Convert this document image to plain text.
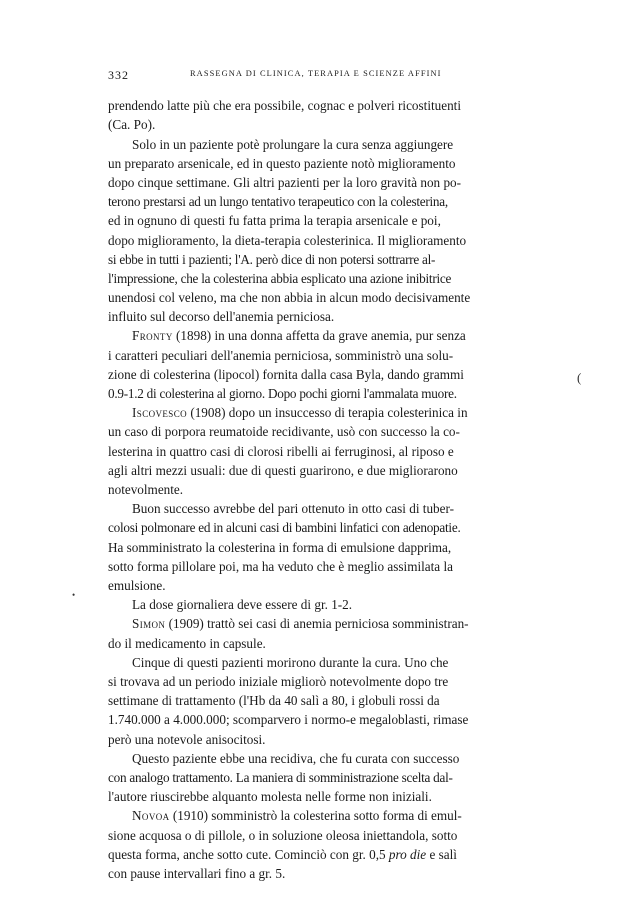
332	RASSEGNA DI CLINICA, TERAPIA E SCIENZE AFFINI
prendendo latte più che era possibile, cognac e polveri ricostituenti
(Ca. Po).
Solo in un paziente potè prolungare la cura senza aggiungere
un preparato arsenicale, ed in questo paziente notò miglioramento
dopo cinque settimane. Gli altri pazienti per la loro gravità non po-
terono prestarsi ad un lungo tentativo terapeutico con la colesterina,
ed in ognuno di questi fu fatta prima la terapia arsenicale e poi,
dopo miglioramento, la dieta-terapia colesterinica. Il miglioramento
si ebbe in tutti i pazienti; l'A. però dice di non potersi sottrarre al-
l'impressione, che la colesterina abbia esplicato una azione inibitrice
unendosi col veleno, ma che non abbia in alcun modo decisivamente
influito sul decorso dell'anemia perniciosa.
Fronty (1898) in una donna affetta da grave anemia, pur senza
i caratteri peculiari dell'anemia perniciosa, somministrò una solu-
zione di colesterina (lipocol) fornita dalla casa Byla, dando grammi
0.9-1.2 di colesterina al giorno. Dopo pochi giorni l'ammalata muore.
Iscovesco (1908) dopo un insuccesso di terapia colesterinica in
un caso di porpora reumatoide recidivante, usò con successo la co-
lesterina in quattro casi di clorosi ribelli ai ferruginosi, al riposo e
agli altri mezzi usuali: due di questi guarirono, e due migliorarono
notevolmente.
Buon successo avrebbe del pari ottenuto in otto casi di tuber-
colosi polmonare ed in alcuni casi di bambini linfatici con adenopatie.
Ha somministrato la colesterina in forma di emulsione dapprima,
sotto forma pillolare poi, ma ha veduto che è meglio assimilata la
emulsione.
La dose giornaliera deve essere di gr. 1-2.
Simon (1909) trattò sei casi di anemia perniciosa somministran-
do il medicamento in capsule.
Cinque di questi pazienti morirono durante la cura. Uno che
si trovava ad un periodo iniziale migliorò notevolmente dopo tre
settimane di trattamento (l'Hb da 40 salì a 80, i globuli rossi da
1.740.000 a 4.000.000; scomparvero i normo-e megaloblasti, rimase
però una notevole anisocitosi.
Questo paziente ebbe una recidiva, che fu curata con successo
con analogo trattamento. La maniera di somministrazione scelta dal-
l'autore riuscirebbe alquanto molesta nelle forme non iniziali.
Novoa (1910) somministrò la colesterina sotto forma di emul-
sione acquosa o di pillole, o in soluzione oleosa iniettandola, sotto
questa forma, anche sotto cute. Cominciò con gr. 0,5 pro die e salì
con pause intervallari fino a gr. 5.
(
•
